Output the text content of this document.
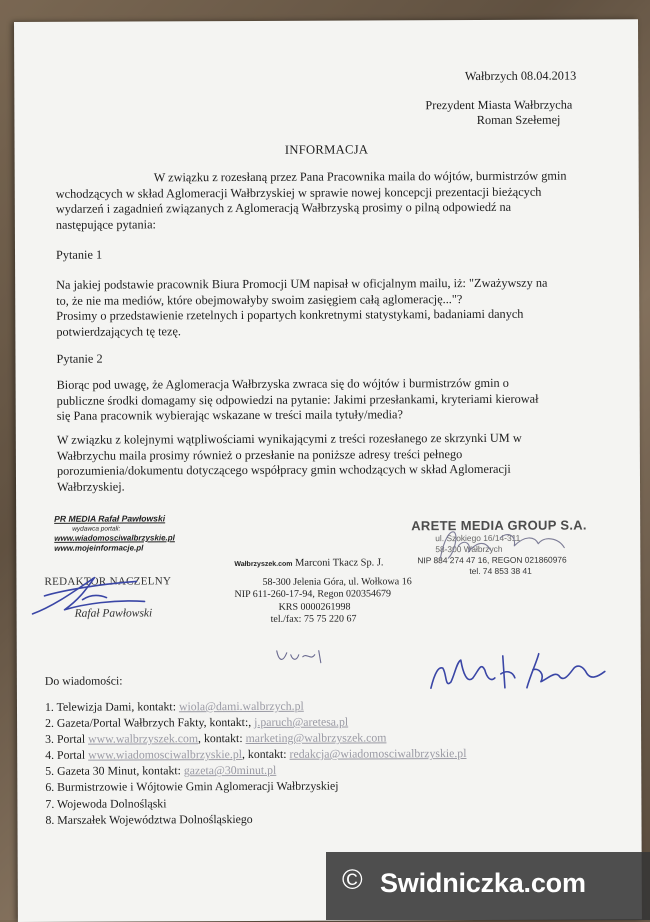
Wałbrzych 08.04.2013
Prezydent Miasta Wałbrzycha
Roman Szełemej
INFORMACJA
W związku z rozesłaną przez Pana Pracownika maila do wójtów, burmistrzów gmin
wchodzących w skład Aglomeracji Wałbrzyskiej w sprawie nowej koncepcji prezentacji bieżących
wydarzeń i zagadnień związanych z Aglomeracją Wałbrzyską prosimy o pilną odpowiedź na
następujące pytania:
Pytanie 1
Na jakiej podstawie pracownik Biura Promocji UM napisał w oficjalnym mailu, iż: "Zważywszy na
to, że nie ma mediów, które obejmowałyby swoim zasięgiem całą aglomerację..."?
Prosimy o przedstawienie rzetelnych i popartych konkretnymi statystykami, badaniami danych
potwierdzających tę tezę.
Pytanie 2
Biorąc pod uwagę, że Aglomeracja Wałbrzyska zwraca się do wójtów i burmistrzów gmin o
publiczne środki domagamy się odpowiedzi na pytanie: Jakimi przesłankami, kryteriami kierował
się Pana pracownik wybierając wskazane w treści maila tytuły/media?
W związku z kolejnymi wątpliwościami wynikającymi z treści rozesłanego ze skrzynki UM w
Wałbrzychu maila prosimy również o przesłanie na poniższe adresy treści pełnego
porozumienia/dokumentu dotyczącego współpracy gmin wchodzących w skład Aglomeracji
Wałbrzyskiej.
PR MEDIA Rafał Pawłowski
wydawca portali:
www.wiadomosciwalbrzyskie.pl
www.mojeinformacje.pl
REDAKTOR NACZELNY
Rafał Pawłowski
Wałbrzyszek.com Marconi Tkacz Sp. J.
58-300 Jelenia Góra, ul. Wołkowa 16
NIP 611-260-17-94, Regon 020354679
KRS 0000261998
tel./fax: 75 75 220 67
ARETE MEDIA GROUP S.A.
ul. Szokiego 16/14-311
58-300 Wałbrzych
NIP 884 274 47 16, REGON 021860976
tel. 74 853 38 41
Do wiadomości:
1. Telewizja Dami, kontakt: wiola@dami.walbrzych.pl
2. Gazeta/Portal Wałbrzych Fakty, kontakt:, j.paruch@aretesa.pl
3. Portal www.walbrzyszek.com, kontakt: marketing@walbrzyszek.com
4. Portal www.wiadomosciwalbrzyskie.pl, kontakt: redakcja@wiadomosciwalbrzyskie.pl
5. Gazeta 30 Minut, kontakt: gazeta@30minut.pl
6. Burmistrzowie i Wójtowie Gmin Aglomeracji Wałbrzyskiej
7. Wojewoda Dolnośląski
8. Marszałek Województwa Dolnośląskiego
© Swidniczka.com
